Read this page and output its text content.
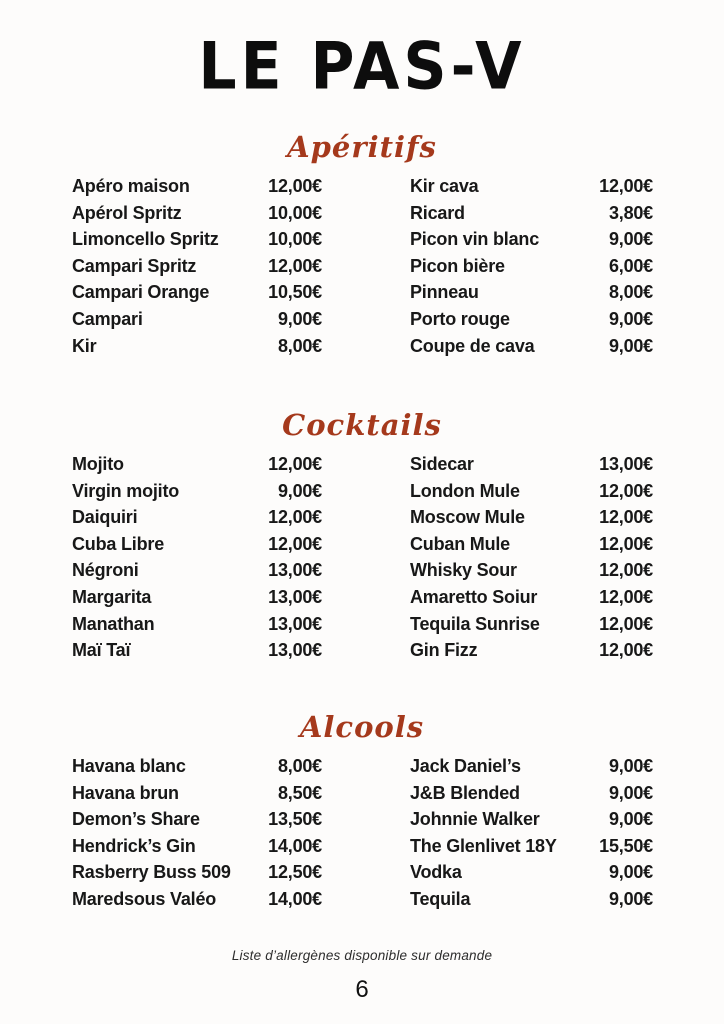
LE PAS-V
Apéritifs
Apéro maison	12,00€
Apérol Spritz	10,00€
Limoncello Spritz	10,00€
Campari Spritz	12,00€
Campari Orange	10,50€
Campari	9,00€
Kir	8,00€
Kir cava	12,00€
Ricard	3,80€
Picon vin blanc	9,00€
Picon bière	6,00€
Pinneau	8,00€
Porto rouge	9,00€
Coupe de cava	9,00€
Cocktails
Mojito	12,00€
Virgin mojito	9,00€
Daiquiri	12,00€
Cuba Libre	12,00€
Négroni	13,00€
Margarita	13,00€
Manathan	13,00€
Maï Taï	13,00€
Sidecar	13,00€
London Mule	12,00€
Moscow Mule	12,00€
Cuban Mule	12,00€
Whisky Sour	12,00€
Amaretto Soiur	12,00€
Tequila Sunrise	12,00€
Gin Fizz	12,00€
Alcools
Havana blanc	8,00€
Havana brun	8,50€
Demon’s Share	13,50€
Hendrick’s Gin	14,00€
Rasberry Buss 509 12,50€
Maredsous Valéo	14,00€
Jack Daniel’s	9,00€
J&B Blended	9,00€
Johnnie Walker	9,00€
The Glenlivet 18Y 15,50€
Vodka	9,00€
Tequila	9,00€
Liste d’allergènes disponible sur demande
6
